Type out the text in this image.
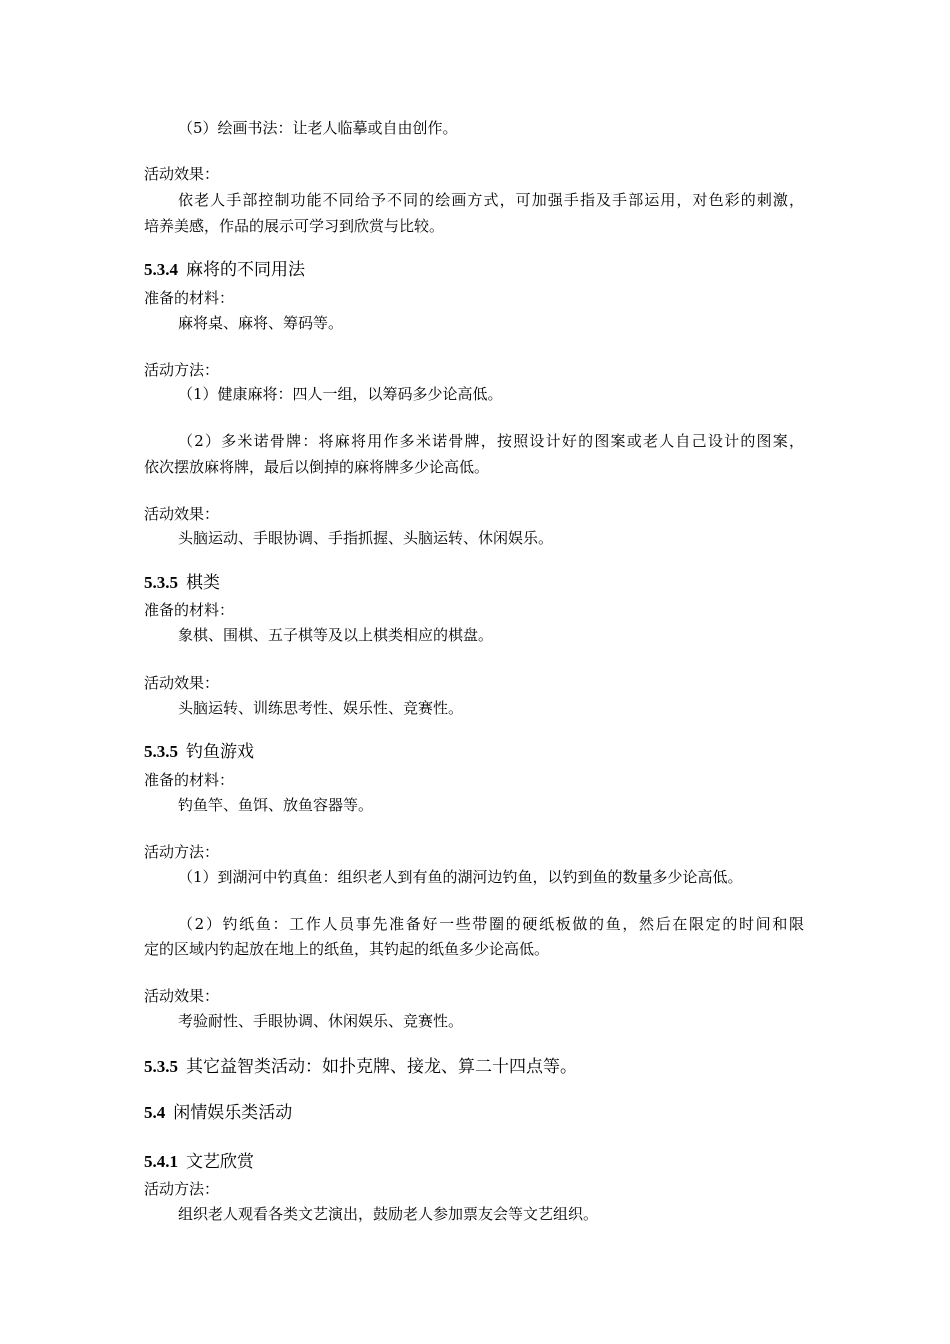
（5）绘画书法：让老人临摹或自由创作。
活动效果：
依老人手部控制功能不同给予不同的绘画方式，可加强手指及手部运用，对色彩的刺激，
培养美感，作品的展示可学习到欣赏与比较。
5.3.4 麻将的不同用法
准备的材料：
麻将桌、麻将、筹码等。
活动方法：
（1）健康麻将：四人一组，以筹码多少论高低。
（2）多米诺骨牌：将麻将用作多米诺骨牌，按照设计好的图案或老人自己设计的图案，
依次摆放麻将牌，最后以倒掉的麻将牌多少论高低。
活动效果：
头脑运动、手眼协调、手指抓握、头脑运转、休闲娱乐。
5.3.5 棋类
准备的材料：
象棋、围棋、五子棋等及以上棋类相应的棋盘。
活动效果：
头脑运转、训练思考性、娱乐性、竞赛性。
5.3.5 钓鱼游戏
准备的材料：
钓鱼竿、鱼饵、放鱼容器等。
活动方法：
（1）到湖河中钓真鱼：组织老人到有鱼的湖河边钓鱼，以钓到鱼的数量多少论高低。
（2）钓纸鱼：工作人员事先准备好一些带圈的硬纸板做的鱼，然后在限定的时间和限
定的区域内钓起放在地上的纸鱼，其钓起的纸鱼多少论高低。
活动效果：
考验耐性、手眼协调、休闲娱乐、竞赛性。
5.3.5 其它益智类活动：如扑克牌、接龙、算二十四点等。
5.4 闲情娱乐类活动
5.4.1 文艺欣赏
活动方法：
组织老人观看各类文艺演出，鼓励老人参加票友会等文艺组织。
